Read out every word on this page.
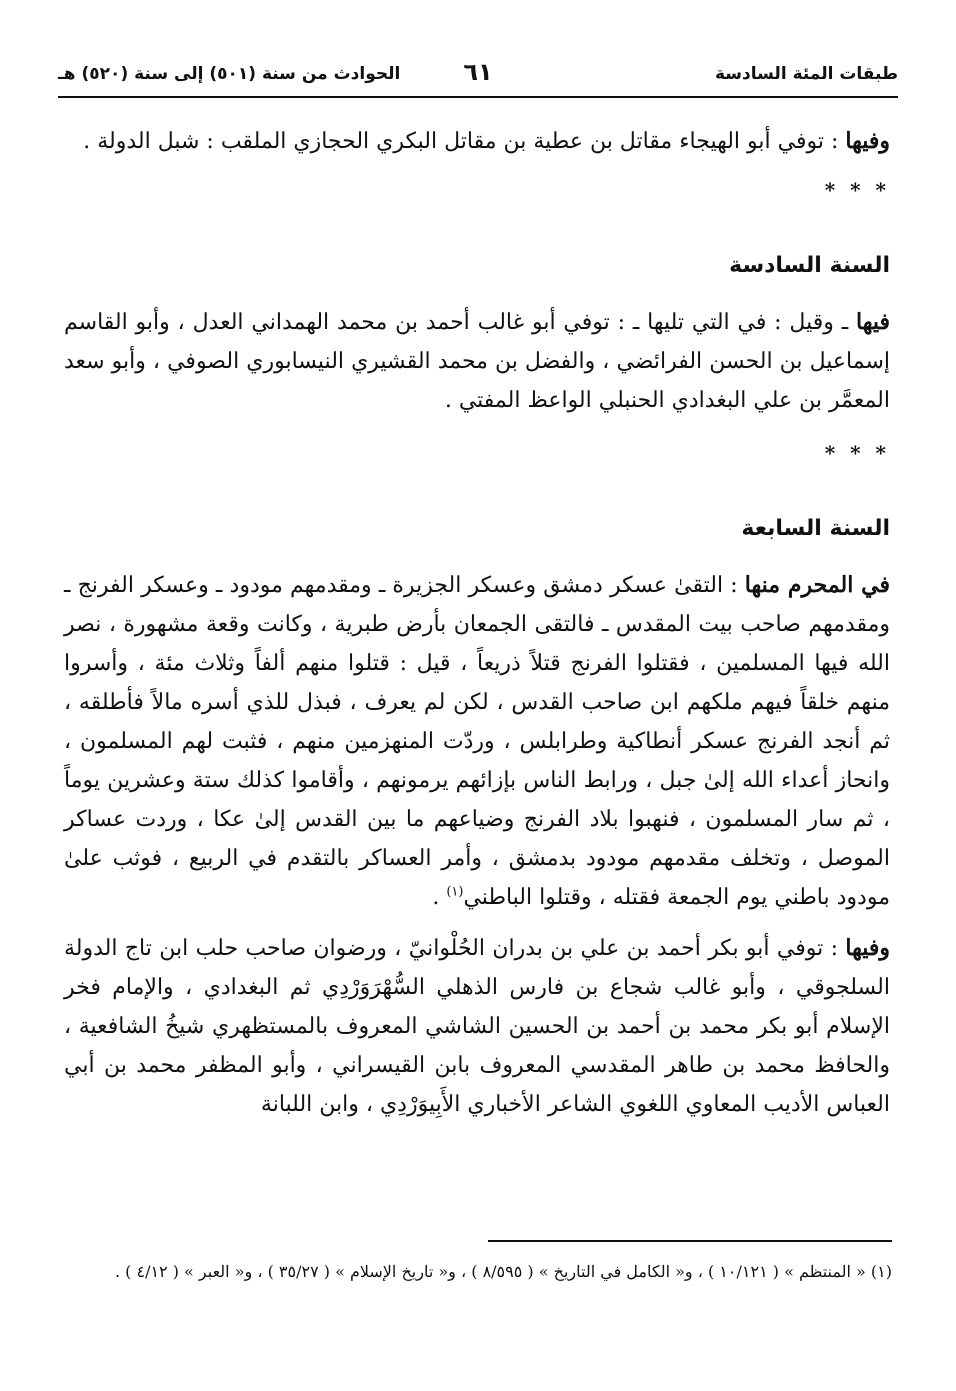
طبقات المئة السادسة
٦١
الحوادث من سنة (٥٠١) إلى سنة (٥٢٠) هـ

وفيها : توفي أبو الهيجاء مقاتل بن عطية بن مقاتل البكري الحجازي الملقب : شبل الدولة .

* * *

السنة السادسة

فيها ـ وقيل : في التي تليها ـ : توفي أبو غالب أحمد بن محمد الهمداني العدل ، وأبو القاسم إسماعيل بن الحسن الفرائضي ، والفضل بن محمد القشيري النيسابوري الصوفي ، وأبو سعد المعمَّر بن علي البغدادي الحنبلي الواعظ المفتي .

* * *

السنة السابعة

في المحرم منها : التقىٰ عسكر دمشق وعسكر الجزيرة ـ ومقدمهم مودود ـ وعسكر الفرنج ـ ومقدمهم صاحب بيت المقدس ـ فالتقى الجمعان بأرض طبرية ، وكانت وقعة مشهورة ، نصر الله فيها المسلمين ، فقتلوا الفرنج قتلاً ذريعاً ، قيل : قتلوا منهم ألفاً وثلاث مئة ، وأسروا منهم خلقاً فيهم ملكهم ابن صاحب القدس ، لكن لم يعرف ، فبذل للذي أسره مالاً فأطلقه ، ثم أنجد الفرنج عسكر أنطاكية وطرابلس ، وردّت المنهزمين منهم ، فثبت لهم المسلمون ، وانحاز أعداء الله إلىٰ جبل ، ورابط الناس بإزائهم يرمونهم ، وأقاموا كذلك ستة وعشرين يوماً ، ثم سار المسلمون ، فنهبوا بلاد الفرنج وضياعهم ما بين القدس إلىٰ عكا ، وردت عساكر الموصل ، وتخلف مقدمهم مودود بدمشق ، وأمر العساكر بالتقدم في الربيع ، فوثب علىٰ مودود باطني يوم الجمعة فقتله ، وقتلوا الباطني$^{(١)}$ .

وفيها : توفي أبو بكر أحمد بن علي بن بدران الحُلْوانيّ ، ورضوان صاحب حلب ابن تاج الدولة السلجوقي ، وأبو غالب شجاع بن فارس الذهلي السُّهْرَوَرْدِي ثم البغدادي ، والإمام فخر الإسلام أبو بكر محمد بن أحمد بن الحسين الشاشي المعروف بالمستظهري شيخُ الشافعية ، والحافظ محمد بن طاهر المقدسي المعروف بابن القيسراني ، وأبو المظفر محمد بن أبي العباس الأديب المعاوي اللغوي الشاعر الأخباري الأَبِيوَرْدِي ، وابن اللبانة

(١) « المنتظم » ( ١٠/١٢١ ) ، و« الكامل في التاريخ » ( ٨/٥٩٥ ) ، و« تاريخ الإسلام » ( ٣٥/٢٧ ) ، و« العبر » ( ٤/١٢ ) .
